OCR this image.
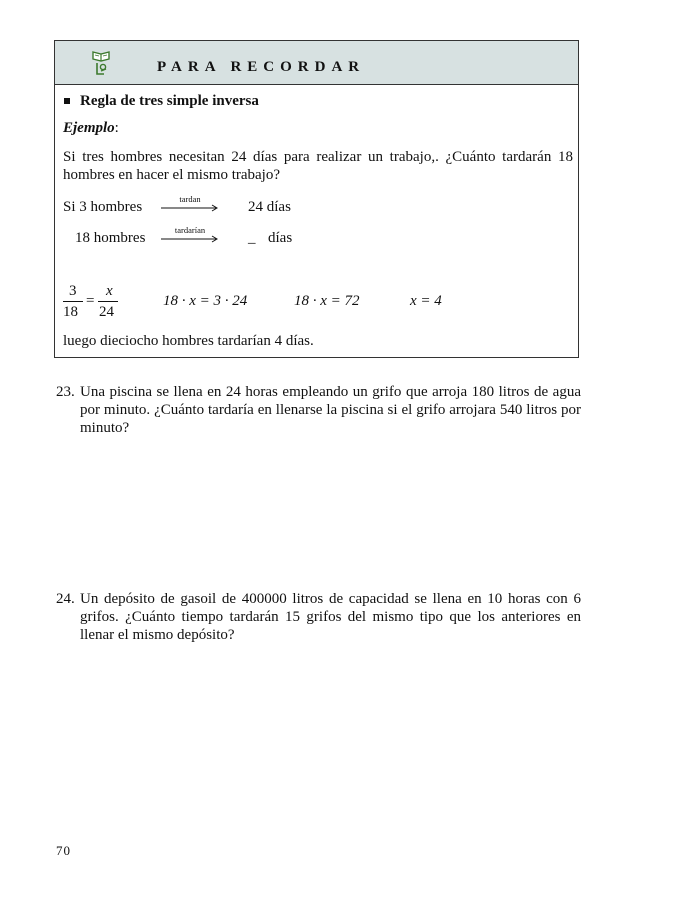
PARA RECORDAR
Regla de tres simple inversa
Ejemplo:
Si tres hombres necesitan 24 días para realizar un trabajo,. ¿Cuánto tardarán 18 hombres en hacer el mismo trabajo?
Si 3 hombres	tardan	24 días
18 hombres	tardarían	_ días
3
18
=
x
24
18 · x = 3 · 24	18 · x = 72	x = 4
luego dieciocho hombres tardarían 4 días.
23. Una piscina se llena en 24 horas empleando un grifo que arroja 180 litros de agua por minuto. ¿Cuánto tardaría en llenarse la piscina si el grifo arrojara 540 litros por minuto?
24. Un depósito de gasoil de 400000 litros de capacidad se llena en 10 horas con 6 grifos. ¿Cuánto tiempo tardarán 15 grifos del mismo tipo que los anteriores en llenar el mismo depósito?
70
